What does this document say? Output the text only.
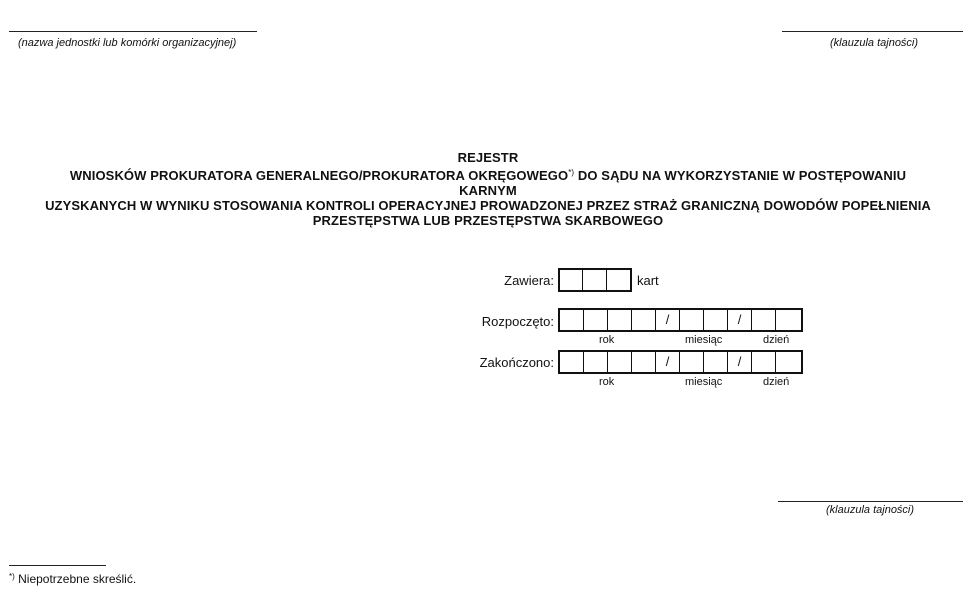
(nazwa jednostki lub komórki organizacyjnej)	(klauzula tajności)
REJESTR
WNIOSKÓW PROKURATORA GENERALNEGO/PROKURATORA OKRĘGOWEGO*) DO SĄDU NA WYKORZYSTANIE W POSTĘPOWANIU KARNYM
UZYSKANYCH W WYNIKU STOSOWANIA KONTROLI OPERACYJNEJ PROWADZONEJ PRZEZ STRAŻ GRANICZNĄ DOWODÓW POPEŁNIENIA
PRZESTĘPSTWA LUB PRZESTĘPSTWA SKARBOWEGO
Zawiera:	kart
Rozpoczęto:	/	/
rok	miesiąc	dzień
Zakończono:	/	/
rok	miesiąc	dzień
(klauzula tajności)
*) Niepotrzebne skreślić.
